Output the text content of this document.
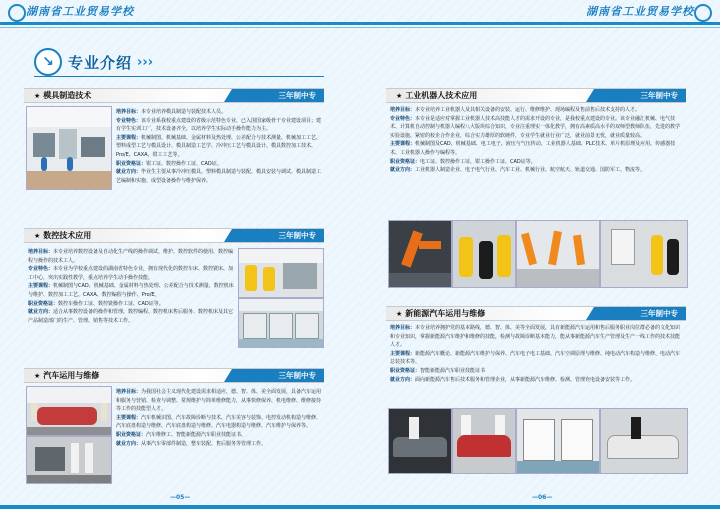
湖南省工业贸易学校
↘ 专业介绍 ›››
★ 模具制造技术	三年制中专

培养目标：本专业培养模具制造与装配技术人员。

专业特色：该专业系我校重点建设的省级示范特色专业，已入围国家级骨干专业建设项目；建有学生实训工厂，技术设备齐全，以培养学生实际动手操作能力为主。

主要课程：机械制图、机械基础、金属材料及热处理、公差配合与技术测量、机械加工工艺、塑料成型工艺与模具设计、模具制造工艺学、冷冲压工艺与模具设计、模具数控加工技术、Pro/E、CAXA、钳工工艺等。

职业资格证：钳工证、数控操作工证、CAD证。

就业方向：毕业生主要从事冷冲压模具、塑料模具制造与装配、模具安装与调试、模具制造工艺编制和实施、成型设备操作与维护保养。

★ 数控技术应用	三年制中专

培养目标：本专业培养数控设备及自动化生产线的操作调试、维护、数控软件的使用、数控编程与操作的技术工人。

专业特色：本专业为学校重点建设的湖南省特色专业，拥有现代化的数控车床、数控铣床、加工中心，突出实践性教学，重点培养学生动手操作技能。

主要课程：机械制图与CAD、机械基础、金属材料与热处理、公差配合与技术测量、数控机床与维护、数控加工工艺、CAXA、数控编程与操作、Pro/E。

职业资格证：数控车操作工证、数控铣操作工证、CAD证等。

就业方向：适合从事数控设备的操作和管理、数控编程、数控机床售后服务、数控机床及其它产品制造部门的生产、管理、销售等技术工作。

★ 汽车运用与维修	三年制中专

培养目标：为我国社会主义现代化建设需求相适应，德、智、体、美全面发展，具备汽车运用和服务与营销、检查与调整、常规维护与简单维修能力，从事快修保养、机电维修、维修接待等工作的技能型人才。

主要课程：汽车机械识图、汽车故障诊断与技术、汽车美容与装饰、电控发动机构造与维修、汽车底盘构造与维修、汽车底盘构造与维修、汽车电器构造与维修、汽车维护与保养等。

职业资格证：汽车维修工、智能新能源汽车职业技能证书。

就业方向：从事汽车零部件制造，整车装配、售后服务等管理工作。

—05—
湖南省工业贸易学校
★ 工业机器人技术应用	三年制中专

培养目标：本专业培养工业机器人及其相关设备的安装、运行、维修维护、现场编程及售前售后技术支持的人才。

专业特色：本专业是适应对掌握工业机器人技术高技能人才的需求开设的专业，是我校重点建设的专业。该专业融汇机械、电气技术、计算机自动控制与机器人编程八大版块综合知识，专业注重理实一体化教学，拥有高素质高水平的双师型教师队伍，先进的教学实验设施、紧密的校企合作企业，综合实力雄厚的软硬件，专业学生就业行业广泛，就业前景无忧，就业质量较高。

主要课程：机械制图及CAD、机械基础、电工电子、液压与气压传动、工业机器人基础、PLC技术、单片机原理及应用、传感器技术、工业机器人操作与编程等。

职业资格证：电工证、数控操作工证、钳工操作工证、CAD证等。

就业方向：工业机器人制造企业、电子电气行业、汽车工业、机械行业、航空航天、轨道交通、国防军工、物流等。

★ 新能源汽车运用与维修	三年制中专

培养目标：本专业培养拥护党的基本路线，德、智、体、美等全面发展，具有新能源汽车运用和售后服务职业岗位群必备的文化知识和专业知识，掌握新能源汽车维护和维修的技能，检测与故障诊断基本能力，能从事新能源汽车生产管理及生产一线工作的技术技能人才。

主要课程：新能源汽车概论、新能源汽车维护与保养、汽车电子电工基础、汽车空调原理与维修、纯电动汽车构造与维修、电动汽车总装技术等。

职业资格证：智能新能源汽车职业技能证书

就业方向：面向新能源汽车售后技术服务和管理企业，从事新能源汽车维修、检测、管理充电设备安装等工作。

—06—
